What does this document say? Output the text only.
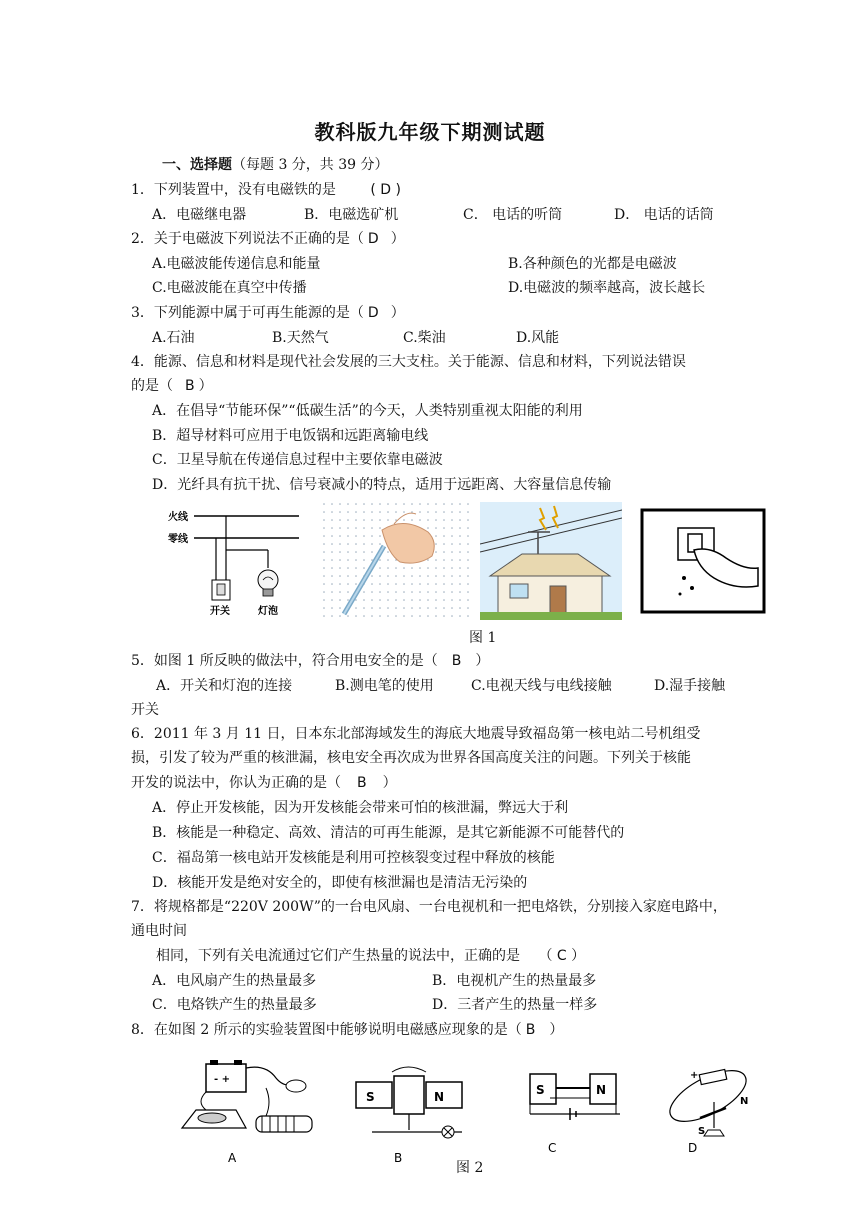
教科版九年级下期测试题
一、选择题（每题 3 分，共 39 分）
1．下列装置中，没有电磁铁的是 ( D )
A．电磁继电器	B．电磁选矿机	C． 电话的听筒	D． 电话的话筒
2．关于电磁波下列说法不正确的是（ D ）
A.电磁波能传递信息和能量	B.各种颜色的光都是电磁波
C.电磁波能在真空中传播	D.电磁波的频率越高，波长越长
3．下列能源中属于可再生能源的是（ D ）
A.石油	B.天然气	C.柴油	D.风能
4．能源、信息和材料是现代社会发展的三大支柱。关于能源、信息和材料，下列说法错误
的是（ B ）
A．在倡导“节能环保”“低碳生活”的今天，人类特别重视太阳能的利用
B．超导材料可应用于电饭锅和远距离输电线
C．卫星导航在传递信息过程中主要依靠电磁波
D．光纤具有抗干扰、信号衰减小的特点，适用于远距离、大容量信息传输
火线
零线
开关	灯泡
图 1
5．如图 1 所反映的做法中，符合用电安全的是（ B ）
A．开关和灯泡的连接	B.测电笔的使用	C.电视天线与电线接触	D.湿手接触
开关
6．2011 年 3 月 11 日，日本东北部海域发生的海底大地震导致福岛第一核电站二号机组受
损，引发了较为严重的核泄漏，核电安全再次成为世界各国高度关注的问题。下列关于核能
开发的说法中，你认为正确的是（ B ）
A．停止开发核能，因为开发核能会带来可怕的核泄漏，弊远大于利
B．核能是一种稳定、高效、清洁的可再生能源，是其它新能源不可能替代的
C．福岛第一核电站开发核能是利用可控核裂变过程中释放的核能
D．核能开发是绝对安全的，即使有核泄漏也是清洁无污染的
7．将规格都是“220V 200W”的一台电风扇、一台电视机和一把电烙铁，分别接入家庭电路中，
通电时间
相同，下列有关电流通过它们产生热量的说法中，正确的是 （ C ）
A．电风扇产生的热量最多	B．电视机产生的热量最多
C．电烙铁产生的热量最多	D．三者产生的热量一样多
8．在如图 2 所示的实验装置图中能够说明电磁感应现象的是（ B ）
- +
A
S	N
B
S	N
C
+
S
N
D
图 2
